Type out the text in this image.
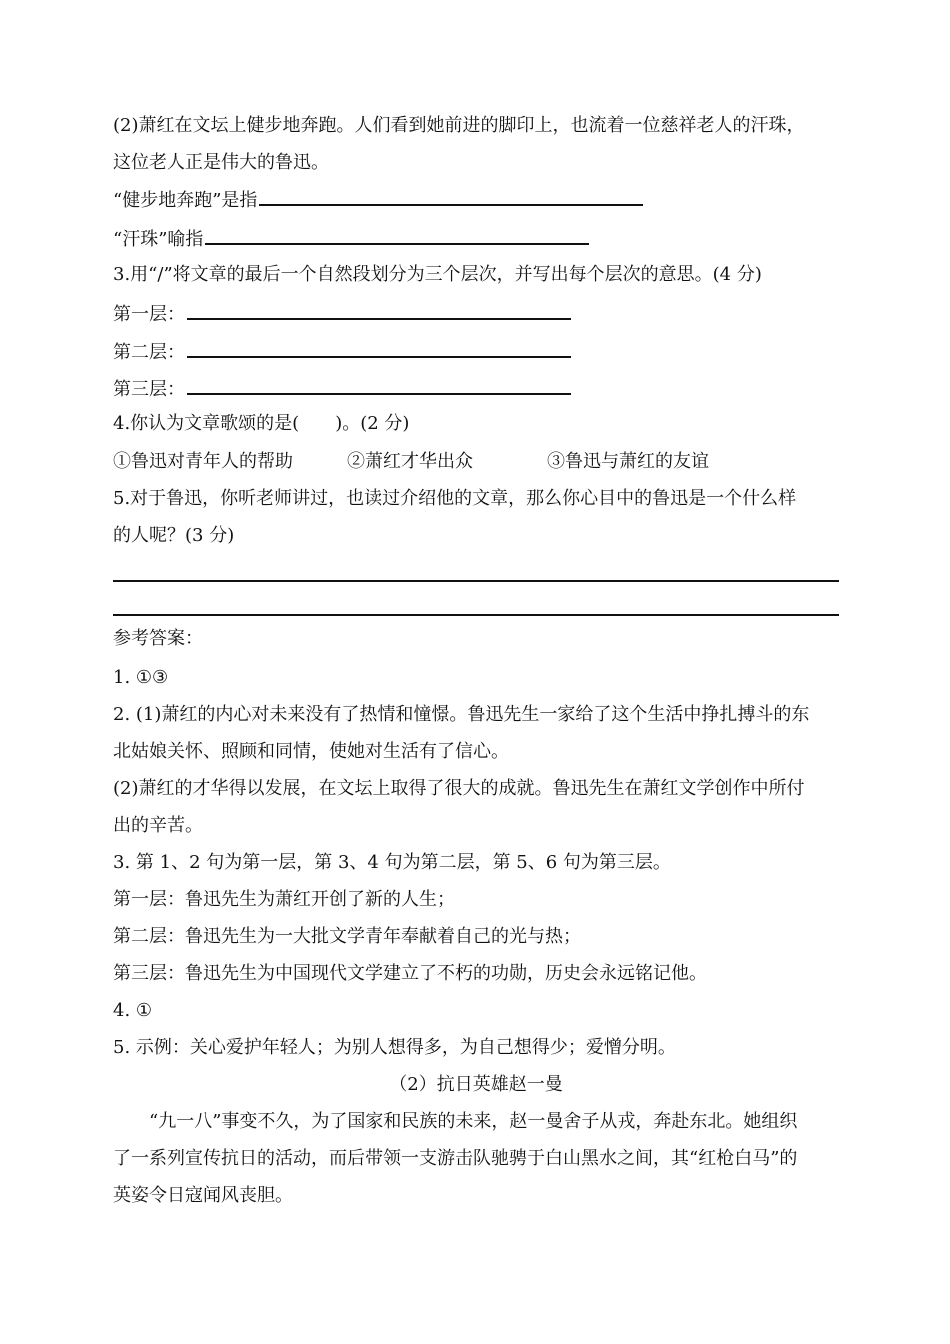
(2)萧红在文坛上健步地奔跑。人们看到她前进的脚印上，也流着一位慈祥老人的汗珠，
这位老人正是伟大的鲁迅。
“健步地奔跑”是指
“汗珠”喻指
3.用“/”将文章的最后一个自然段划分为三个层次，并写出每个层次的意思。(4 分)
第一层：
第二层：
第三层：
4.你认为文章歌颂的是(　　)。(2 分)
①鲁迅对青年人的帮助	②萧红才华出众	③鲁迅与萧红的友谊
5.对于鲁迅，你听老师讲过，也读过介绍他的文章，那么你心目中的鲁迅是一个什么样
的人呢？(3 分)
参考答案：
1. ①③
2. (1)萧红的内心对未来没有了热情和憧憬。鲁迅先生一家给了这个生活中挣扎搏斗的东
北姑娘关怀、照顾和同情，使她对生活有了信心。
(2)萧红的才华得以发展，在文坛上取得了很大的成就。鲁迅先生在萧红文学创作中所付
出的辛苦。
3. 第 1、2 句为第一层，第 3、4 句为第二层，第 5、6 句为第三层。
第一层：鲁迅先生为萧红开创了新的人生；
第二层：鲁迅先生为一大批文学青年奉献着自己的光与热；
第三层：鲁迅先生为中国现代文学建立了不朽的功勋，历史会永远铭记他。
4. ①
5. 示例：关心爱护年轻人；为别人想得多，为自己想得少；爱憎分明。
（2）抗日英雄赵一曼
“九一八”事变不久，为了国家和民族的未来，赵一曼舍子从戎，奔赴东北。她组织
了一系列宣传抗日的活动，而后带领一支游击队驰骋于白山黑水之间，其“红枪白马”的
英姿令日寇闻风丧胆。
